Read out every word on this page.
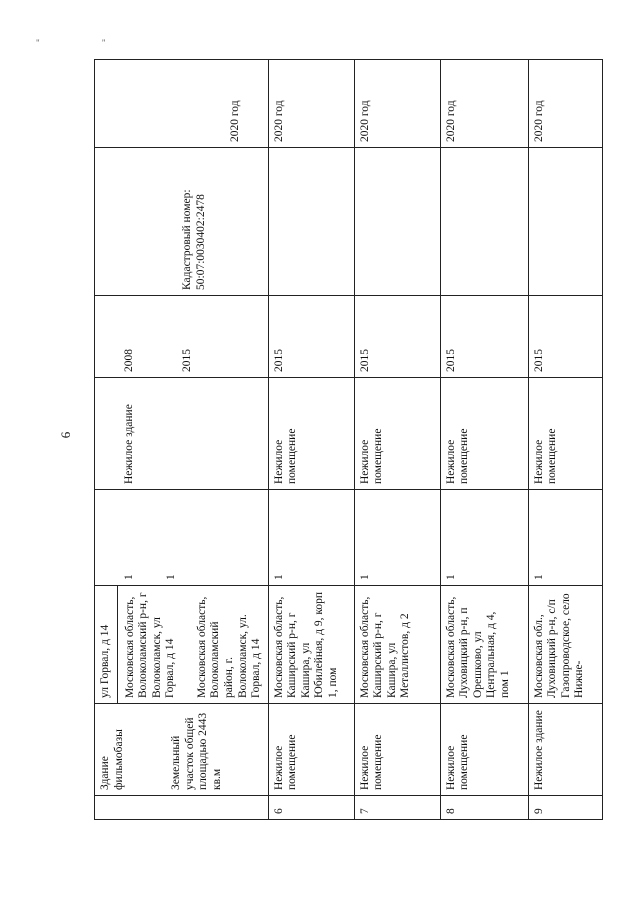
" "
6

	Здание фильмобазы Земельный участок общей площадью 2443 кв.м	ул Горвал, д 14 Московская область, Волоколамский р-н, г Волоколамск, ул Горвал, д 14 Московская область, Волоколамский район, г. Волоколамск, ул. Горвал, д 14	1 1	Нежилое здание	2008 2015	Кадастровый номер: 50:07:0030402:2478	2020 год

6	Нежилое помещение	Московская область, Каширский р-н, г Кашира, ул Юбилейная, д 9, корп 1, пом	1	Нежилое помещение	2015		2020 год
7	Нежилое помещение	Московская область, Каширский р-н, г Кашира, ул Металлистов, д 2	1	Нежилое помещение	2015		2020 год
8	Нежилое помещение	Московская область, Луховицкий р-н, п Орешково, ул Центральная, д 4, пом 1	1	Нежилое помещение	2015		2020 год
9	Нежилое здание	Московская обл., Луховицкий р-н, с/п Газопроводское, село Нижне-	1	Нежилое помещение	2015		2020 год
